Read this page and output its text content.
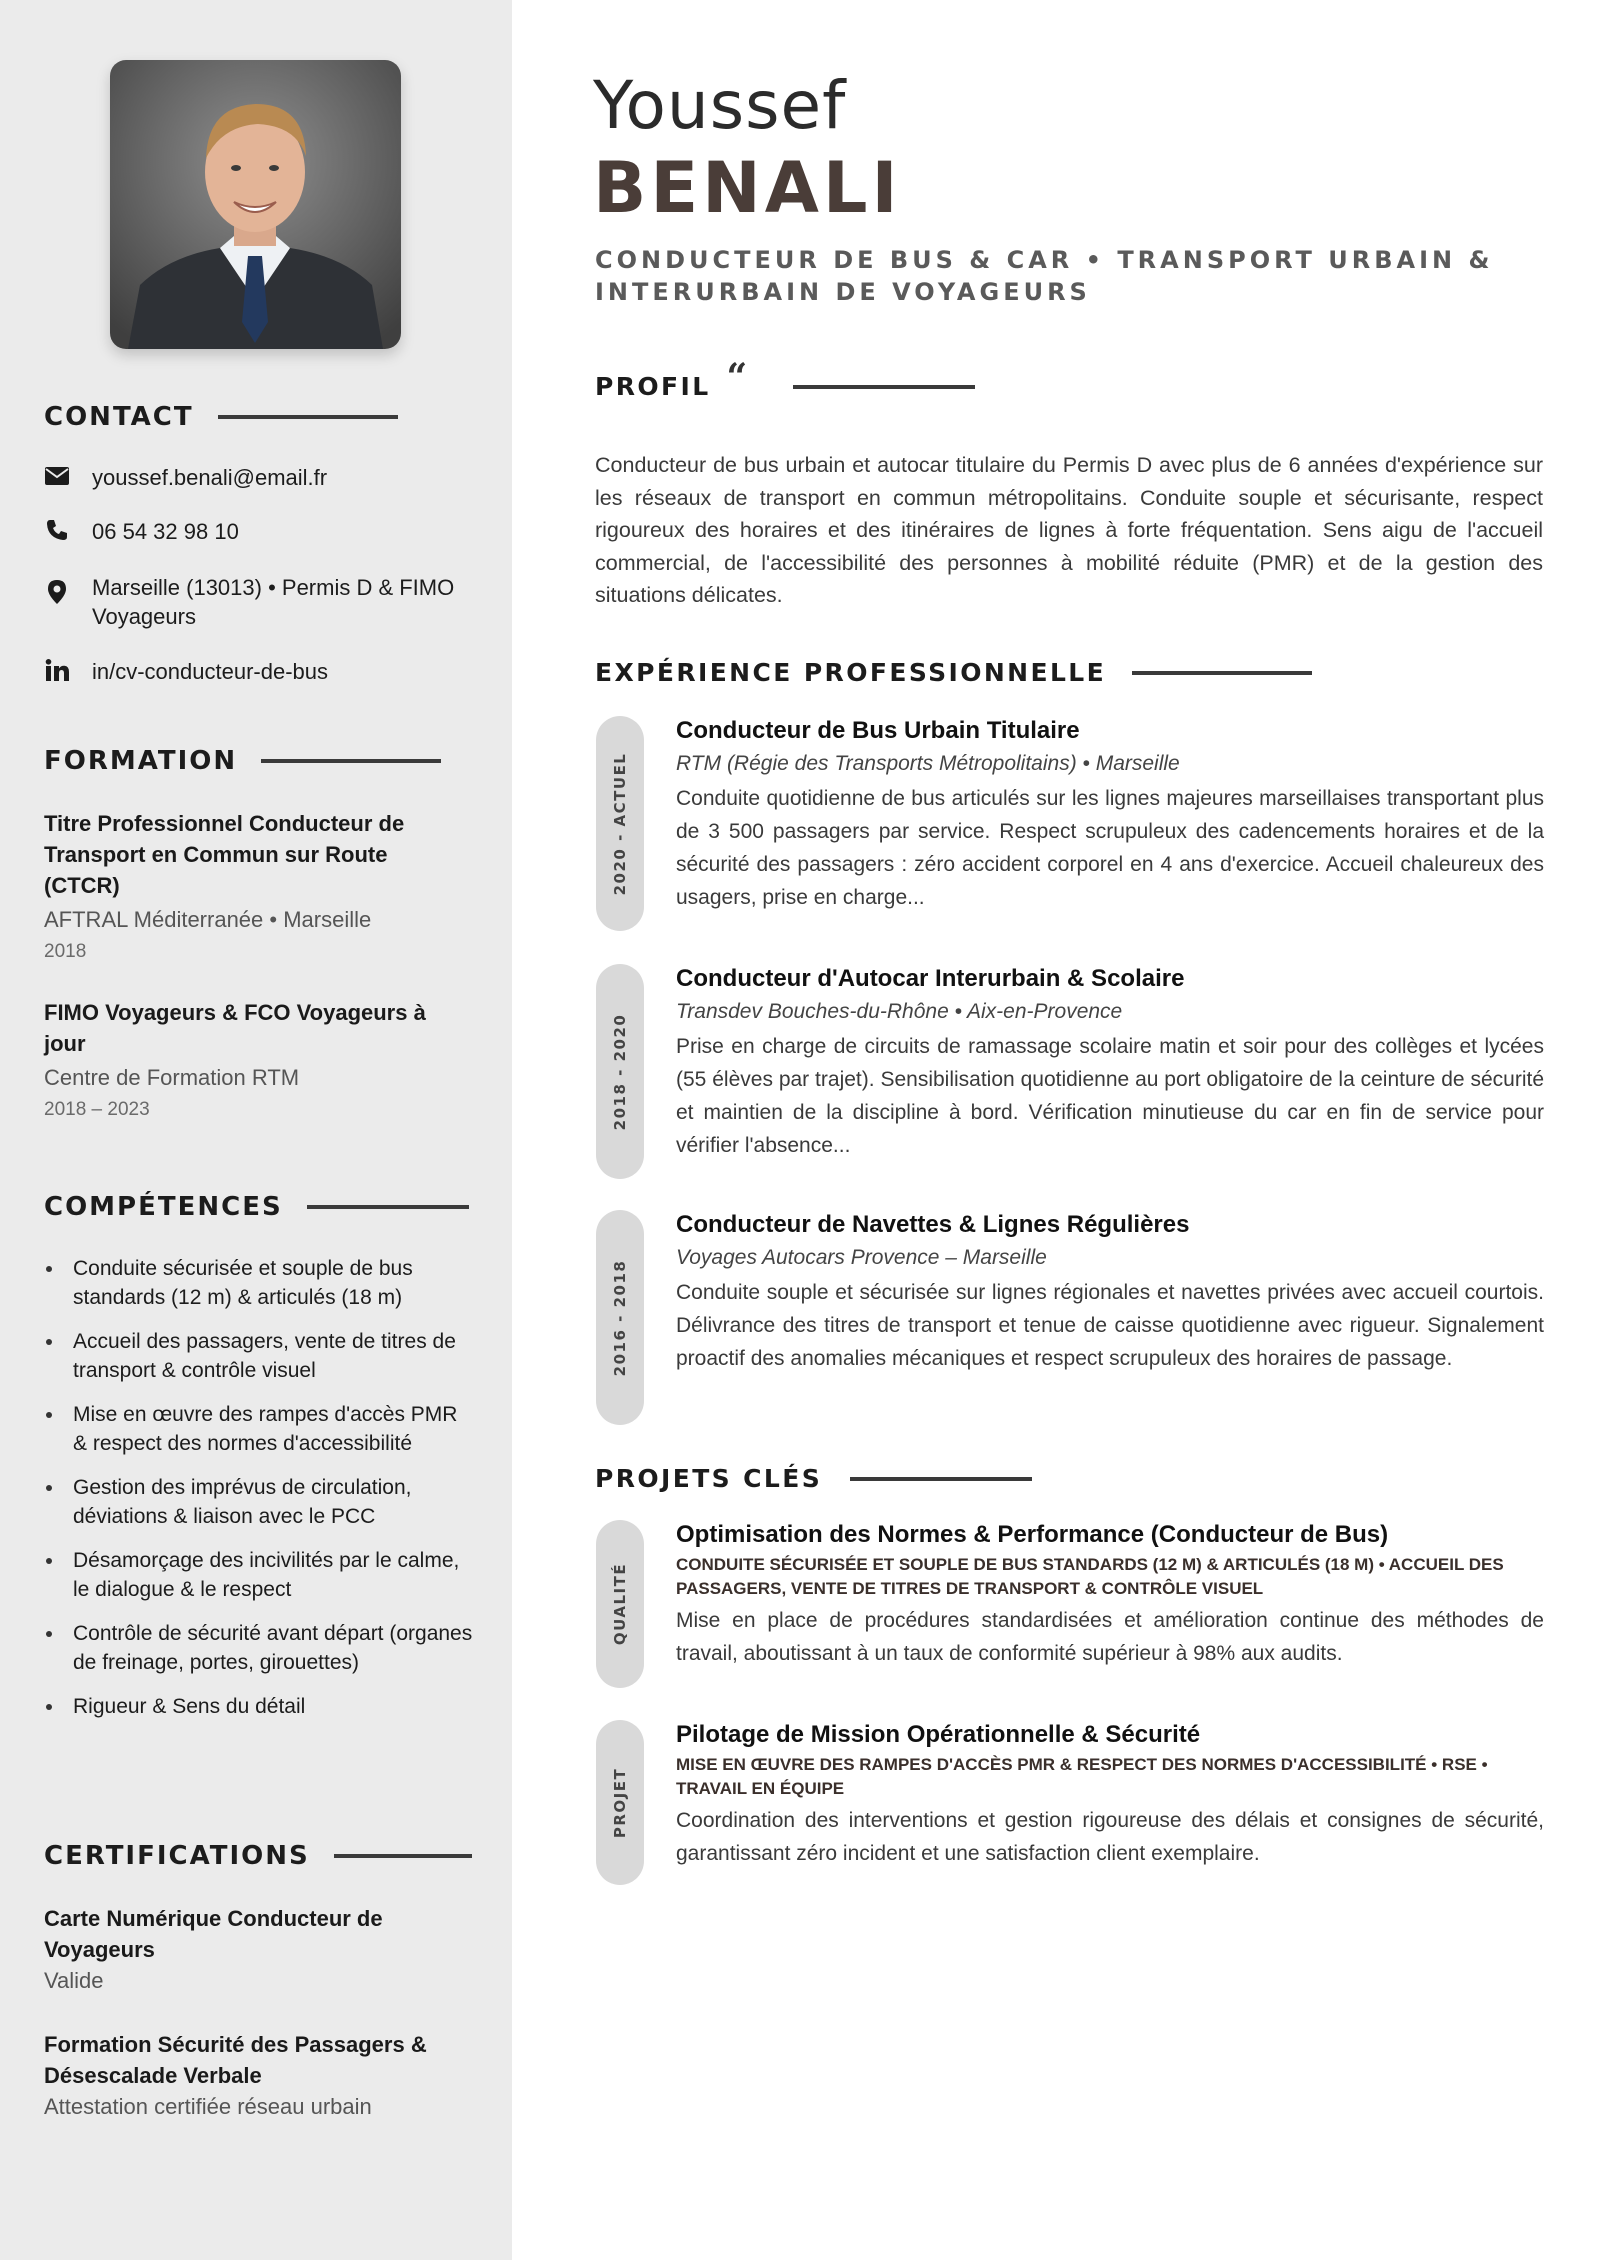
CONTACT
youssef.benali@email.fr
06 54 32 98 10
Marseille (13013) • Permis D & FIMO Voyageurs
in/cv-conducteur-de-bus
FORMATION
Titre Professionnel Conducteur de Transport en Commun sur Route (CTCR)
AFTRAL Méditerranée • Marseille
2018
FIMO Voyageurs & FCO Voyageurs à jour
Centre de Formation RTM
2018 – 2023
COMPÉTENCES
Conduite sécurisée et souple de bus standards (12 m) & articulés (18 m)
Accueil des passagers, vente de titres de transport & contrôle visuel
Mise en œuvre des rampes d'accès PMR & respect des normes d'accessibilité
Gestion des imprévus de circulation, déviations & liaison avec le PCC
Désamorçage des incivilités par le calme, le dialogue & le respect
Contrôle de sécurité avant départ (organes de freinage, portes, girouettes)
Rigueur & Sens du détail
CERTIFICATIONS
Carte Numérique Conducteur de Voyageurs
Valide
Formation Sécurité des Passagers & Désescalade Verbale
Attestation certifiée réseau urbain
Youssef
BENALI
CONDUCTEUR DE BUS & CAR • TRANSPORT URBAIN & INTERURBAIN DE VOYAGEURS
PROFIL “

Conducteur de bus urbain et autocar titulaire du Permis D avec plus de 6 années d'expérience sur les réseaux de transport en commun métropolitains. Conduite souple et sécurisante, respect rigoureux des horaires et des itinéraires de lignes à forte fréquentation. Sens aigu de l'accueil commercial, de l'accessibilité des personnes à mobilité réduite (PMR) et de la gestion des situations délicates.

EXPÉRIENCE PROFESSIONNELLE
2020 - ACTUEL
Conducteur de Bus Urbain Titulaire
RTM (Régie des Transports Métropolitains) • Marseille
Conduite quotidienne de bus articulés sur les lignes majeures marseillaises transportant plus de 3 500 passagers par service. Respect scrupuleux des cadencements horaires et de la sécurité des passagers : zéro accident corporel en 4 ans d'exercice. Accueil chaleureux des usagers, prise en charge...
2018 - 2020
Conducteur d'Autocar Interurbain & Scolaire
Transdev Bouches-du-Rhône • Aix-en-Provence
Prise en charge de circuits de ramassage scolaire matin et soir pour des collèges et lycées (55 élèves par trajet). Sensibilisation quotidienne au port obligatoire de la ceinture de sécurité et maintien de la discipline à bord. Vérification minutieuse du car en fin de service pour vérifier l'absence...
2016 - 2018
Conducteur de Navettes & Lignes Régulières
Voyages Autocars Provence – Marseille
Conduite souple et sécurisée sur lignes régionales et navettes privées avec accueil courtois. Délivrance des titres de transport et tenue de caisse quotidienne avec rigueur. Signalement proactif des anomalies mécaniques et respect scrupuleux des horaires de passage.
PROJETS CLÉS
QUALITÉ
Optimisation des Normes & Performance (Conducteur de Bus)
CONDUITE SÉCURISÉE ET SOUPLE DE BUS STANDARDS (12 M) & ARTICULÉS (18 M) • ACCUEIL DES PASSAGERS, VENTE DE TITRES DE TRANSPORT & CONTRÔLE VISUEL
Mise en place de procédures standardisées et amélioration continue des méthodes de travail, aboutissant à un taux de conformité supérieur à 98% aux audits.
PROJET
Pilotage de Mission Opérationnelle & Sécurité
MISE EN ŒUVRE DES RAMPES D'ACCÈS PMR & RESPECT DES NORMES D'ACCESSIBILITÉ • RSE • TRAVAIL EN ÉQUIPE
Coordination des interventions et gestion rigoureuse des délais et consignes de sécurité, garantissant zéro incident et une satisfaction client exemplaire.
